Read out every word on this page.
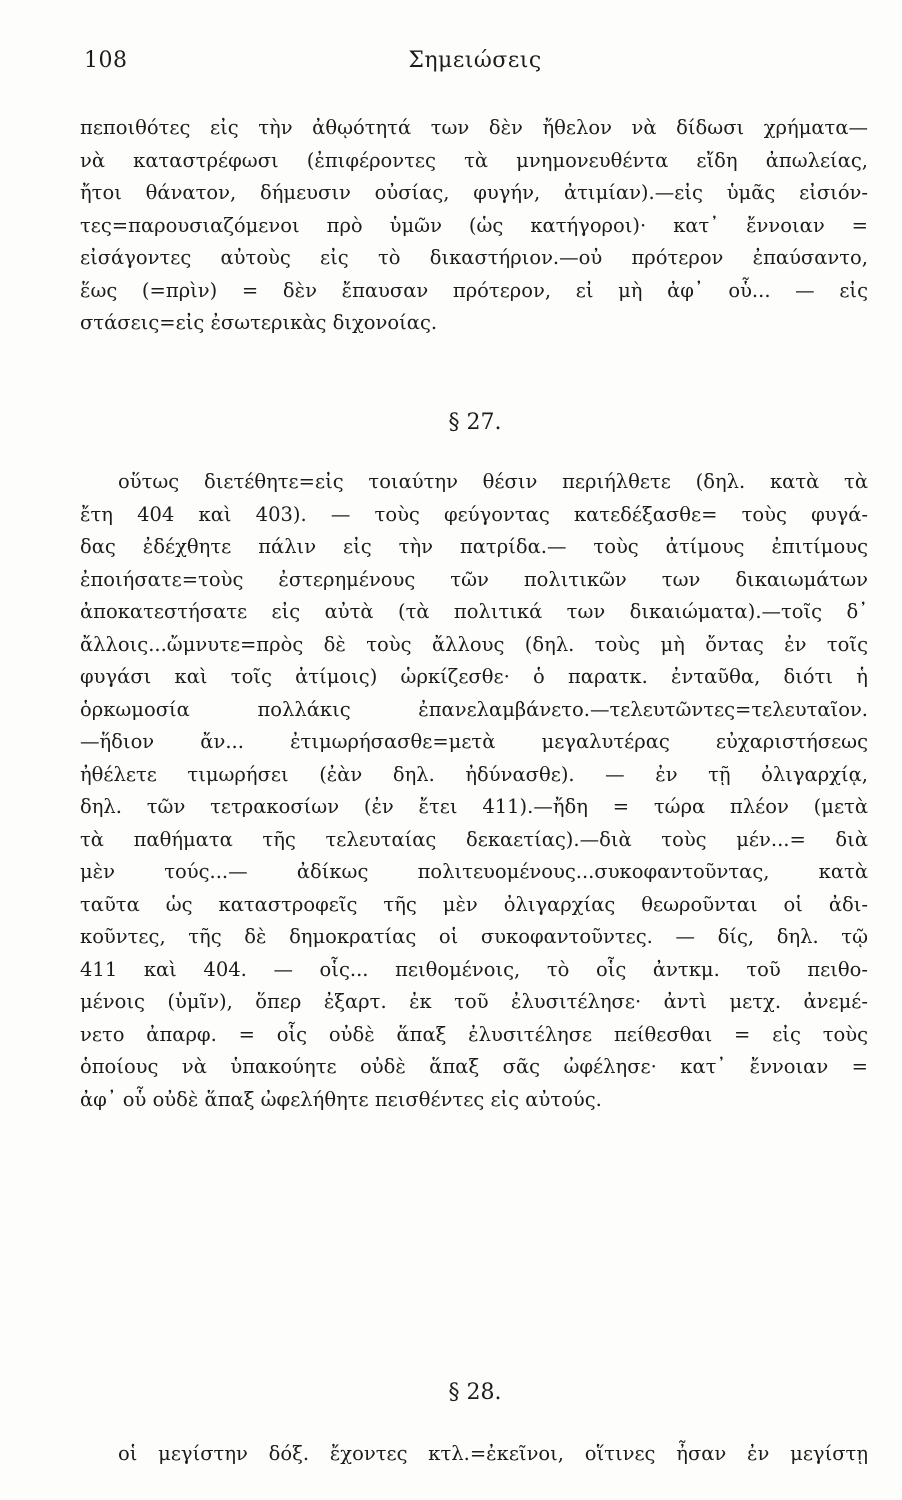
108	Σημειώσεις
πεποιθότες εἰς τὴν ἀθῳότητά των δὲν ἤθελον νὰ δίδωσι χρήματα—
νὰ καταστρέφωσι (ἐπιφέροντες τὰ μνημονευθέντα εἴδη ἀπωλείας,
ἤτοι θάνατον, δήμευσιν οὐσίας, φυγήν, ἀτιμίαν).—εἰς ὑμᾶς εἰσιόν-
τες=παρουσιαζόμενοι πρὸ ὑμῶν (ὡς κατήγοροι)· κατ᾽ ἔννοιαν =
εἰσάγοντες αὐτοὺς εἰς τὸ δικαστήριον.—οὐ πρότερον ἐπαύσαντο,
ἕως (=πρὶν) = δὲν ἔπαυσαν πρότερον, εἰ μὴ ἀφ᾽ οὗ... — εἰς
στάσεις=εἰς ἐσωτερικὰς διχονοίας.
§ 27.
οὕτως διετέθητε=εἰς τοιαύτην θέσιν περιήλθετε (δηλ. κατὰ τὰ
ἔτη 404 καὶ 403). — τοὺς φεύγοντας κατεδέξασθε= τοὺς φυγά-
δας ἐδέχθητε πάλιν εἰς τὴν πατρίδα.— τοὺς ἀτίμους ἐπιτίμους
ἐποιήσατε=τοὺς ἐστερημένους τῶν πολιτικῶν των δικαιωμάτων
ἀποκατεστήσατε εἰς αὐτὰ (τὰ πολιτικά των δικαιώματα).—τοῖς δ᾽
ἄλλοις...ὤμνυτε=πρὸς δὲ τοὺς ἄλλους (δηλ. τοὺς μὴ ὄντας ἐν τοῖς
φυγάσι καὶ τοῖς ἀτίμοις) ὡρκίζεσθε· ὁ παρατκ. ἐνταῦθα, διότι ἡ
ὁρκωμοσία πολλάκις ἐπανελαμβάνετο.—τελευτῶντες=τελευταῖον.
—ἥδιον ἄν... ἐτιμωρήσασθε=μετὰ μεγαλυτέρας εὐχαριστήσεως
ἠθέλετε τιμωρήσει (ἐὰν δηλ. ἠδύνασθε). — ἐν τῇ ὀλιγαρχίᾳ,
δηλ. τῶν τετρακοσίων (ἐν ἔτει 411).—ἤδη = τώρα πλέον (μετὰ
τὰ παθήματα τῆς τελευταίας δεκαετίας).—διὰ τοὺς μέν...= διὰ
μὲν τούς...— ἀδίκως πολιτευομένους...συκοφαντοῦντας, κατὰ
ταῦτα ὡς καταστροφεῖς τῆς μὲν ὀλιγαρχίας θεωροῦνται οἱ ἀδι-
κοῦντες, τῆς δὲ δημοκρατίας οἱ συκοφαντοῦντες. — δίς, δηλ. τῷ
411 καὶ 404. — οἷς... πειθομένοις, τὸ οἷς ἀντκμ. τοῦ πειθο-
μένοις (ὑμῖν), ὅπερ ἐξαρτ. ἐκ τοῦ ἐλυσιτέλησε· ἀντὶ μετχ. ἀνεμέ-
νετο ἀπαρφ. = οἷς οὐδὲ ἅπαξ ἐλυσιτέλησε πείθεσθαι = εἰς τοὺς
ὁποίους νὰ ὑπακούητε οὐδὲ ἅπαξ σᾶς ὠφέλησε· κατ᾽ ἔννοιαν =
ἀφ᾽ οὗ οὐδὲ ἅπαξ ὠφελήθητε πεισθέντες εἰς αὐτούς.
§ 28.
οἱ μεγίστην δόξ. ἔχοντες κτλ.=ἐκεῖνοι, οἵτινες ἦσαν ἐν μεγίστῃ
